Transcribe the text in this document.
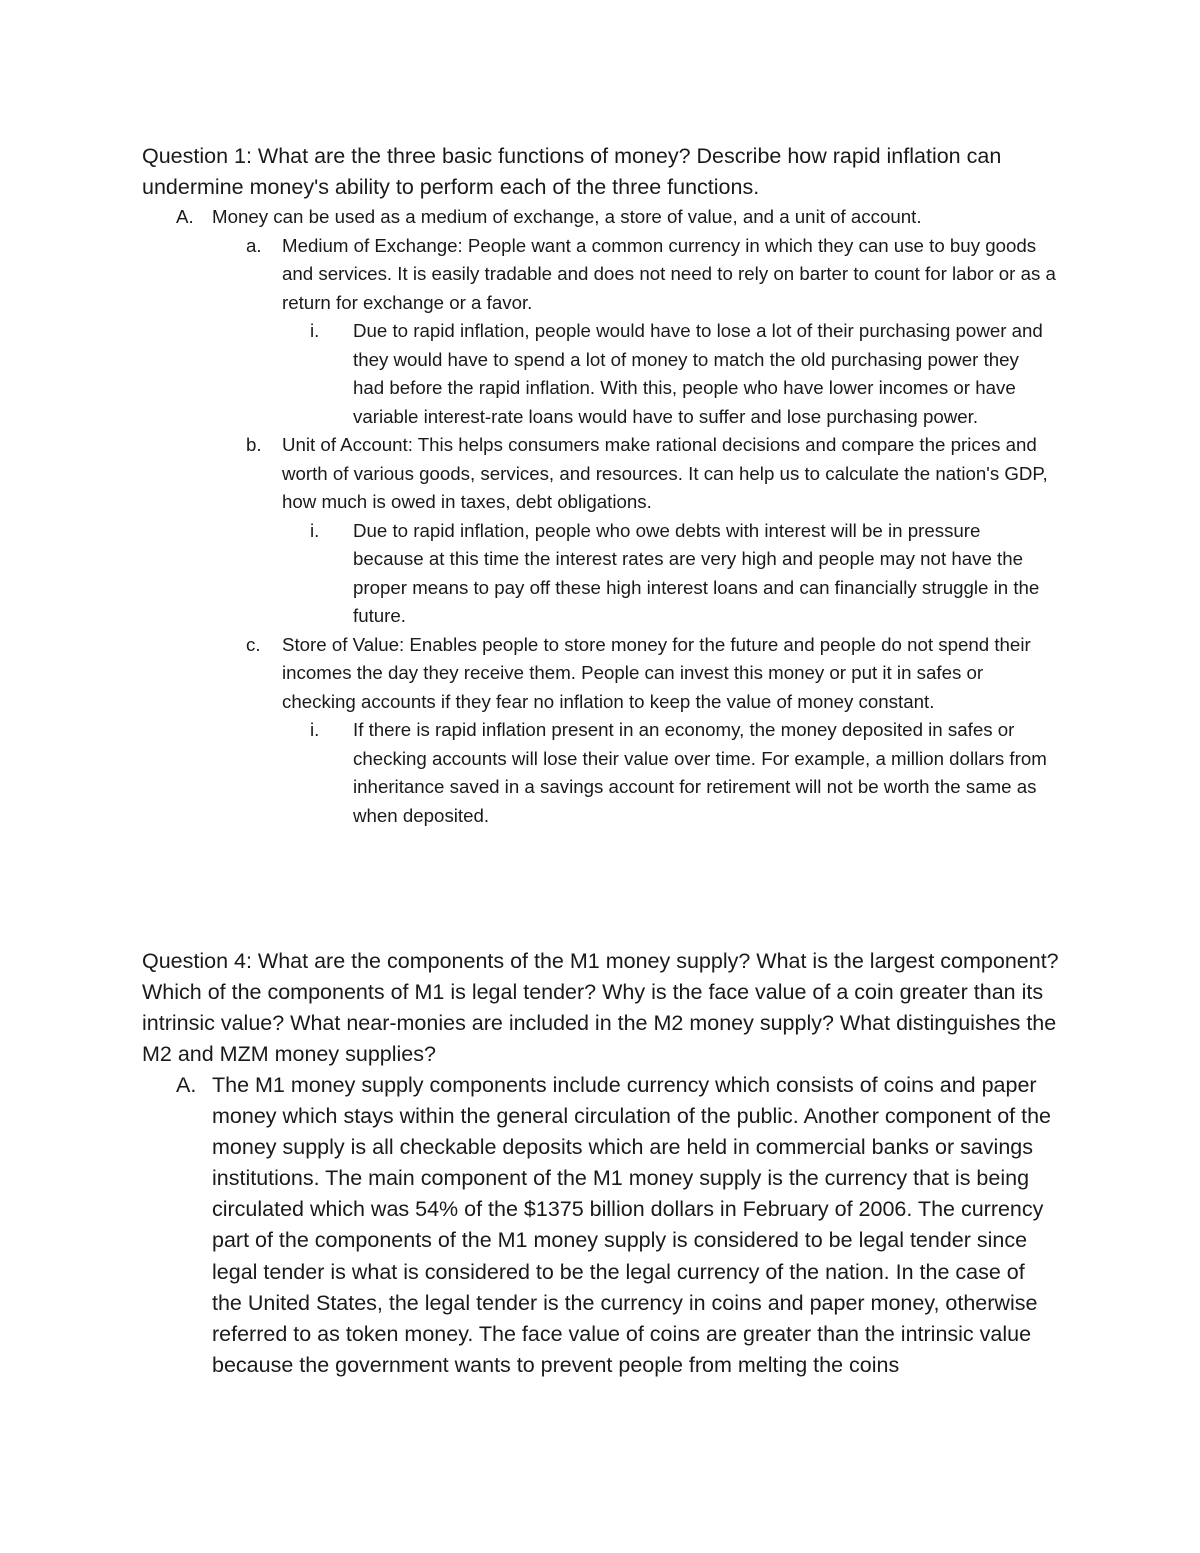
Question 1: What are the three basic functions of money? Describe how rapid inflation can undermine money's ability to perform each of the three functions.

A. Money can be used as a medium of exchange, a store of value, and a unit of account.
a.	Medium of Exchange: People want a common currency in which they can use to buy goods and services. It is easily tradable and does not need to rely on barter to count for labor or as a return for exchange or a favor.
i.	Due to rapid inflation, people would have to lose a lot of their purchasing power and they would have to spend a lot of money to match the old purchasing power they had before the rapid inflation. With this, people who have lower incomes or have variable interest-rate loans would have to suffer and lose purchasing power.
b.	Unit of Account: This helps consumers make rational decisions and compare the prices and worth of various goods, services, and resources. It can help us to calculate the nation's GDP, how much is owed in taxes, debt obligations.
i.	Due to rapid inflation, people who owe debts with interest will be in pressure because at this time the interest rates are very high and people may not have the proper means to pay off these high interest loans and can financially struggle in the future.
c.	Store of Value: Enables people to store money for the future and people do not spend their incomes the day they receive them. People can invest this money or put it in safes or checking accounts if they fear no inflation to keep the value of money constant.
i.	If there is rapid inflation present in an economy, the money deposited in safes or checking accounts will lose their value over time. For example, a million dollars from inheritance saved in a savings account for retirement will not be worth the same as when deposited.

Question 4: What are the components of the M1 money supply? What is the largest component? Which of the components of M1 is legal tender? Why is the face value of a coin greater than its intrinsic value? What near-monies are included in the M2 money supply? What distinguishes the M2 and MZM money supplies?

A. The M1 money supply components include currency which consists of coins and paper money which stays within the general circulation of the public. Another component of the money supply is all checkable deposits which are held in commercial banks or savings institutions. The main component of the M1 money supply is the currency that is being circulated which was 54% of the $1375 billion dollars in February of 2006. The currency part of the components of the M1 money supply is considered to be legal tender since legal tender is what is considered to be the legal currency of the nation. In the case of the United States, the legal tender is the currency in coins and paper money, otherwise referred to as token money. The face value of coins are greater than the intrinsic value because the government wants to prevent people from melting the coins
